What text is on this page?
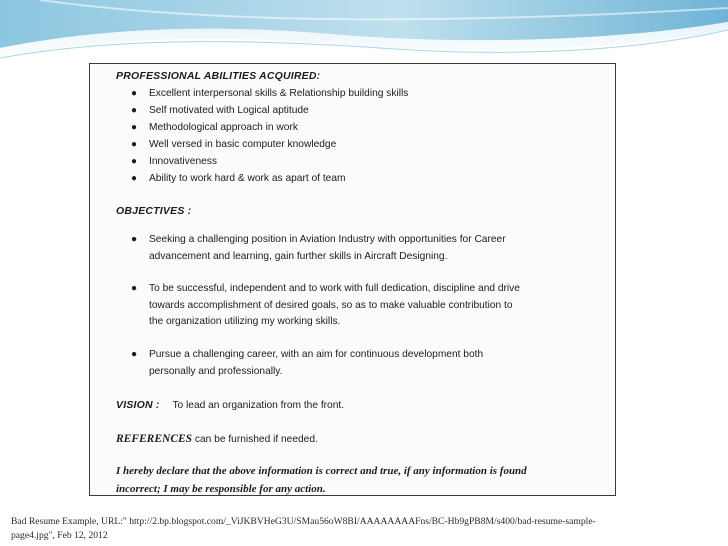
PROFESSIONAL ABILITIES ACQUIRED:
● Excellent interpersonal skills & Relationship building skills
● Self motivated with Logical aptitude
● Methodological approach in work
● Well versed in basic computer knowledge
● Innovativeness
● Ability to work hard & work as apart of team
OBJECTIVES :
● Seeking a challenging position in Aviation Industry with opportunities for Career
advancement and learning, gain further skills in Aircraft Designing.
● To be successful, independent and to work with full dedication, discipline and drive
towards accomplishment of desired goals, so as to make valuable contribution to
the organization utilizing my working skills.
● Pursue a challenging career, with an aim for continuous development both
personally and professionally.
VISION : To lead an organization from the front.
REFERENCES can be furnished if needed.
I hereby declare that the above information is correct and true, if any information is found
incorrect; I may be responsible for any action.
Bad Resume Example, URL:" http://2.bp.blogspot.com/_ViJKBVHeG3U/SMau56oW8BI/AAAAAAAAFns/BC-Hb9gPB8M/s400/bad-resume-sample-
page4.jpg", Feb 12, 2012
